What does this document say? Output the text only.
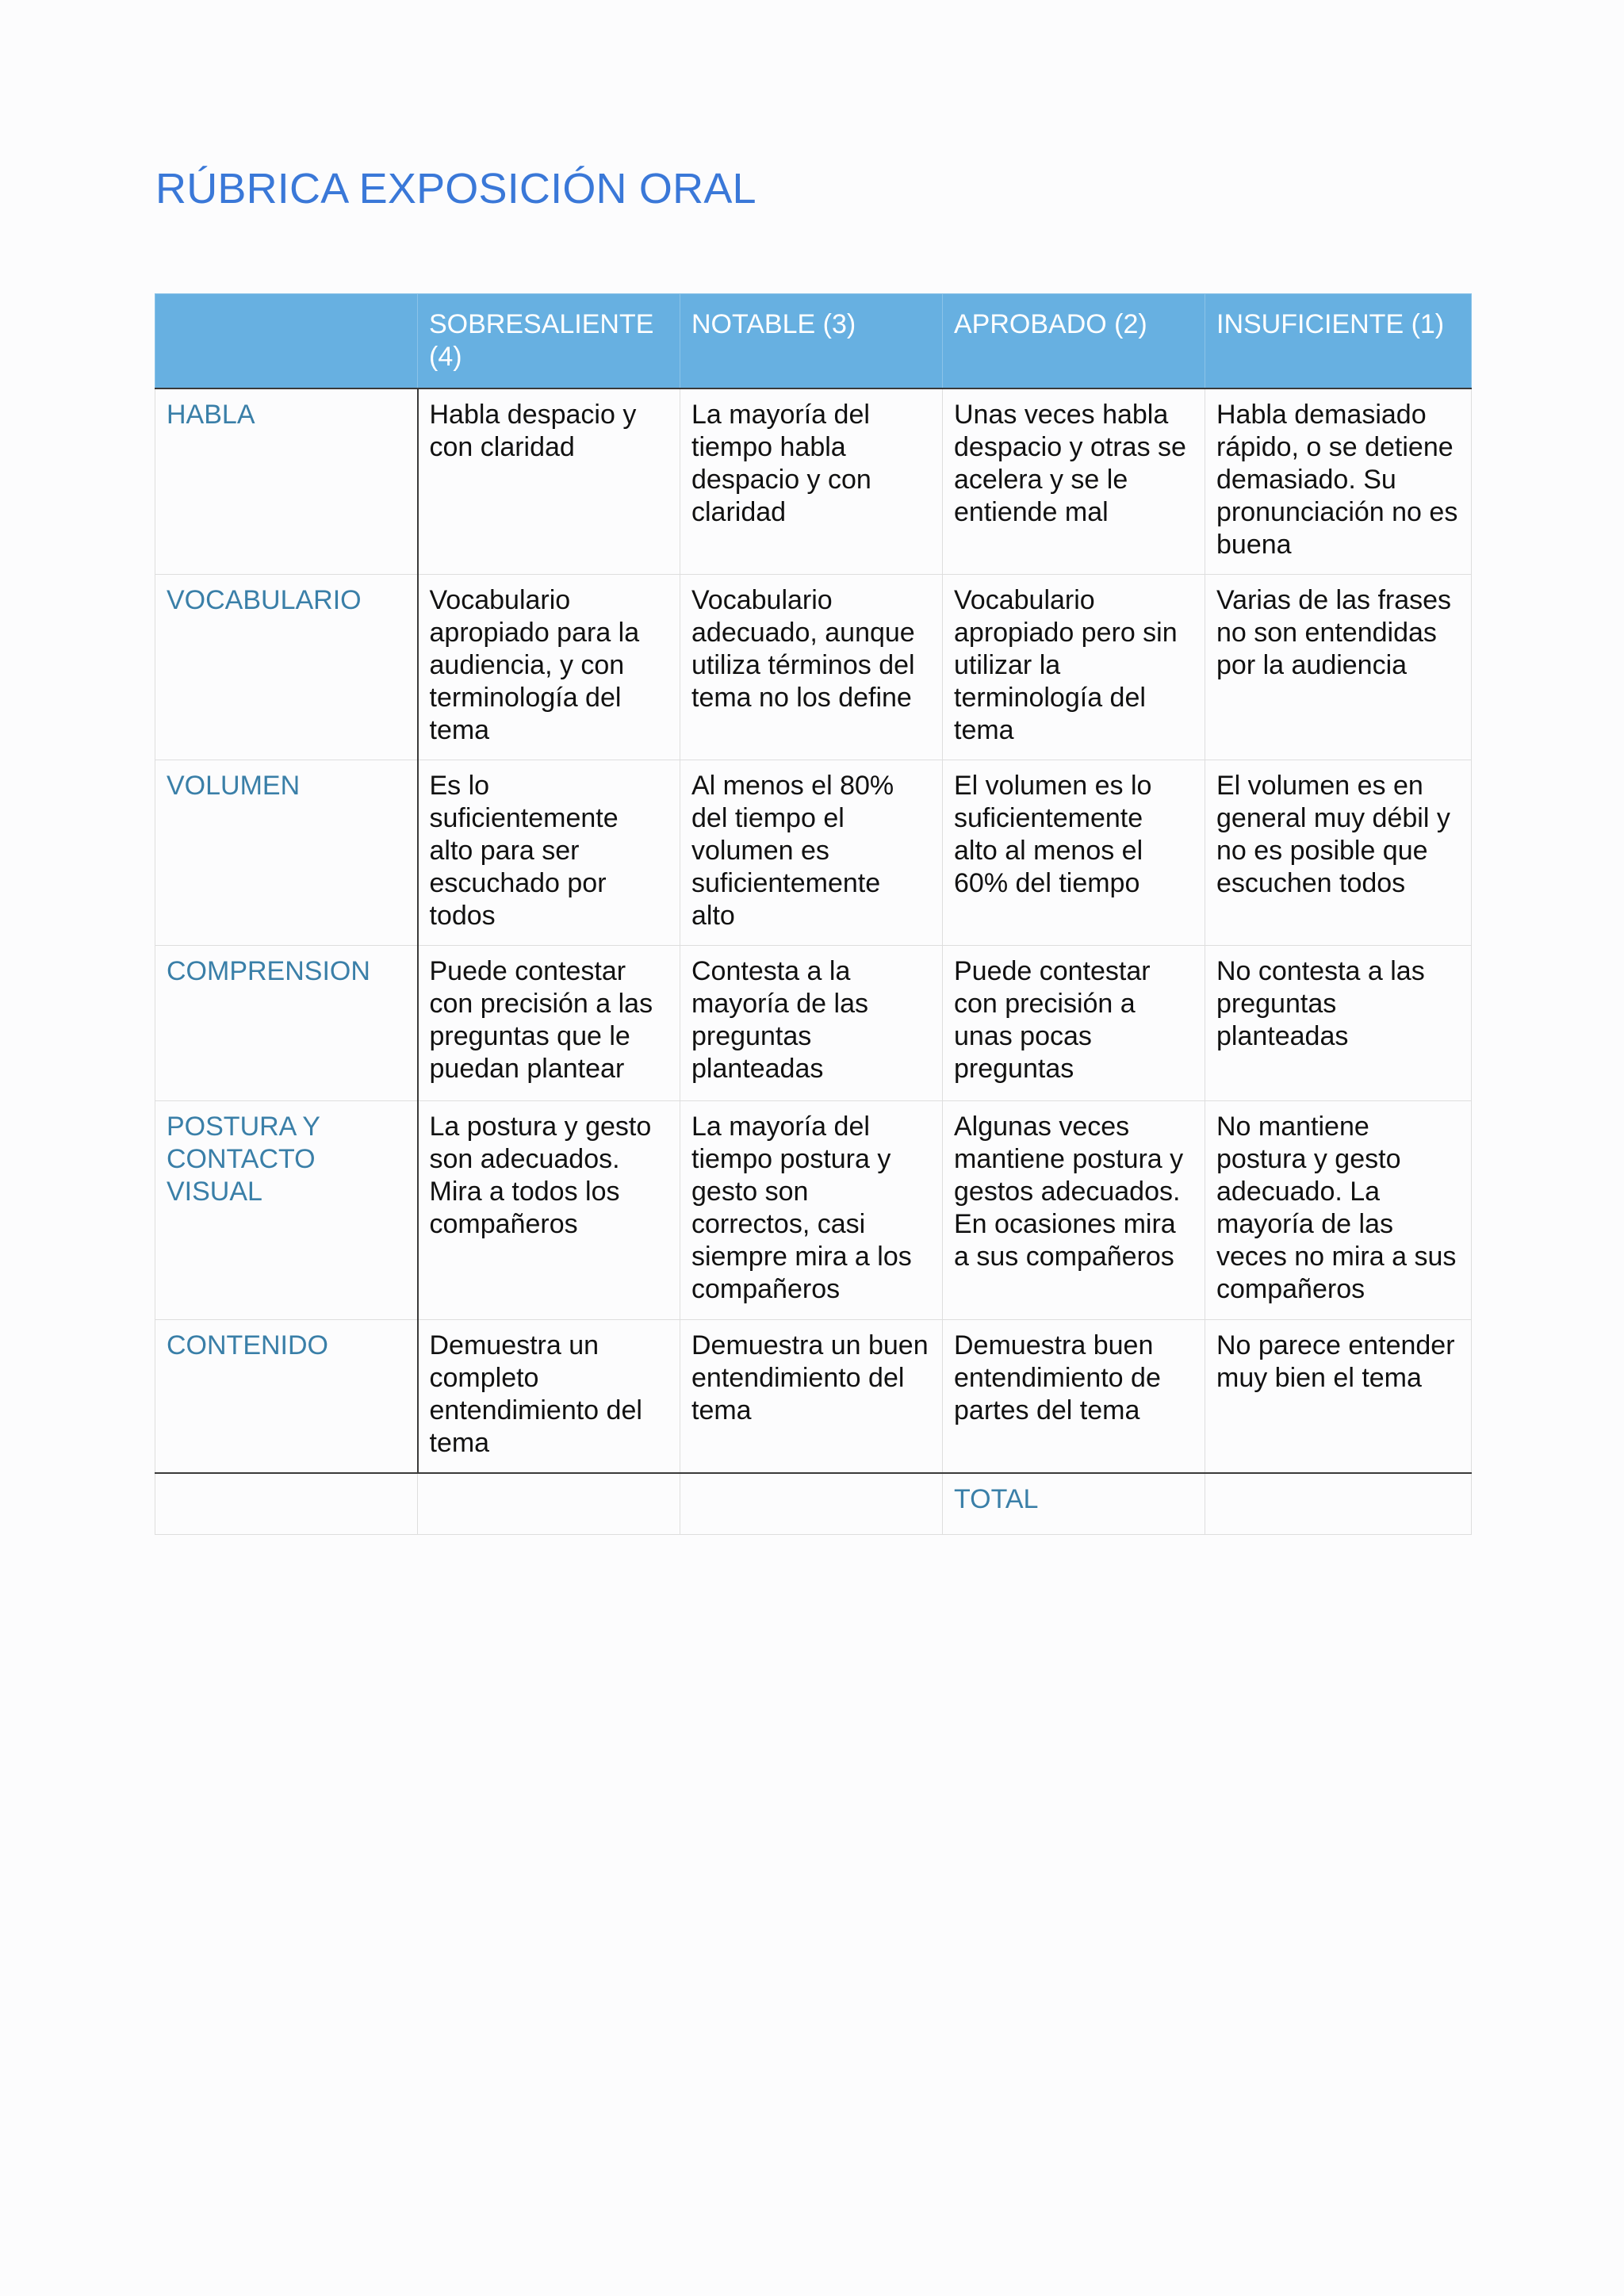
RÚBRICA EXPOSICIÓN ORAL
	SOBRESALIENTE (4)	NOTABLE (3)	APROBADO (2)	INSUFICIENTE (1)
HABLA	Habla despacio y con claridad	La mayoría del tiempo habla despacio y con claridad	Unas veces habla despacio y otras se acelera y se le entiende mal	Habla demasiado rápido, o se detiene demasiado. Su pronunciación no es buena
VOCABULARIO	Vocabulario apropiado para la audiencia, y con terminología del tema	Vocabulario adecuado, aunque utiliza términos del tema no los define	Vocabulario apropiado pero sin utilizar la terminología del tema	Varias de las frases no son entendidas por la audiencia
VOLUMEN	Es lo suficientemente alto para ser escuchado por todos	Al menos el 80% del tiempo el volumen es suficientemente alto	El volumen es lo suficientemente alto al menos el 60% del tiempo	El volumen es en general muy débil y no es posible que escuchen todos
COMPRENSION	Puede contestar con precisión a las preguntas que le puedan plantear	Contesta a la mayoría de las preguntas planteadas	Puede contestar con precisión a unas pocas preguntas	No contesta a las preguntas planteadas
POSTURA Y CONTACTO VISUAL	La postura y gesto son adecuados. Mira a todos los compañeros	La mayoría del tiempo postura y gesto son correctos, casi siempre mira a los compañeros	Algunas veces mantiene postura y gestos adecuados. En ocasiones mira a sus compañeros	No mantiene postura y gesto adecuado. La mayoría de las veces no mira a sus compañeros
CONTENIDO	Demuestra un completo entendimiento del tema	Demuestra un buen entendimiento del tema	Demuestra buen entendimiento de partes del tema	No parece entender muy bien el tema
			TOTAL	
